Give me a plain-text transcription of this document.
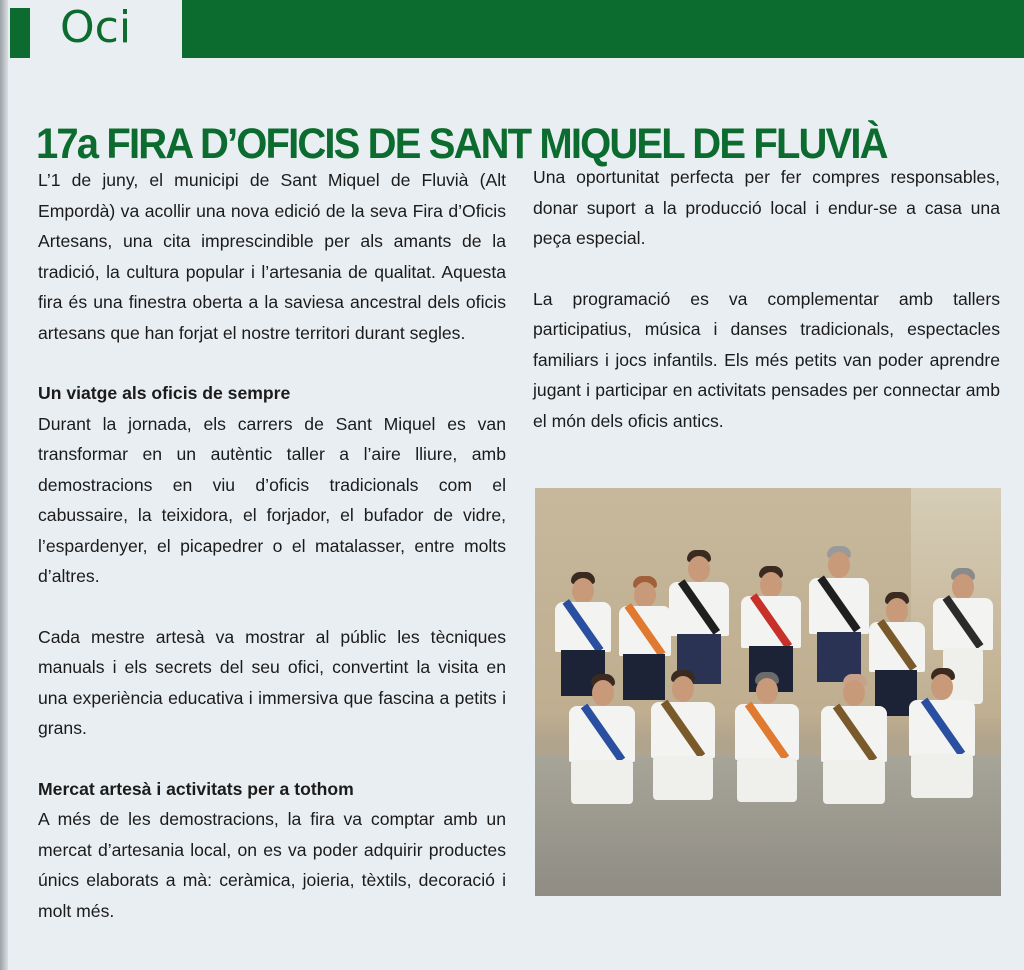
Oci
17a FIRA D’OFICIS DE SANT MIQUEL DE FLUVIÀ

L’1 de juny, el municipi de Sant Miquel de Fluvià (Alt Empordà) va acollir una nova edició de la seva Fira d’Oficis Artesans, una cita imprescindible per als amants de la tradició, la cultura popular i l’artesania de qualitat. Aquesta fira és una finestra oberta a la saviesa ancestral dels oficis artesans que han forjat el nostre territori durant segles.

Un viatge als oficis de sempre

Durant la jornada, els carrers de Sant Miquel es van transformar en un autèntic taller a l’aire lliure, amb demostracions en viu d’oficis tradicionals com el cabussaire, la teixidora, el forjador, el bufador de vidre, l’espardenyer, el picapedrer o el matalasser, entre molts d’altres.

Cada mestre artesà va mostrar al públic les tècniques manuals i els secrets del seu ofici, convertint la visita en una experiència educativa i immersiva que fascina a petits i grans.

Mercat artesà i activitats per a tothom

A més de les demostracions, la fira va comptar amb un mercat d’artesania local, on es va poder adquirir productes únics elaborats a mà: ceràmica, joieria, tèxtils, decoració i molt més.

Una oportunitat perfecta per fer compres responsables, donar suport a la producció local i endur-se a casa una peça especial.

La programació es va complementar amb tallers participatius, música i danses tradicionals, espectacles familiars i jocs infantils. Els més petits van poder aprendre jugant i participar en activitats pensades per connectar amb el món dels oficis antics.
